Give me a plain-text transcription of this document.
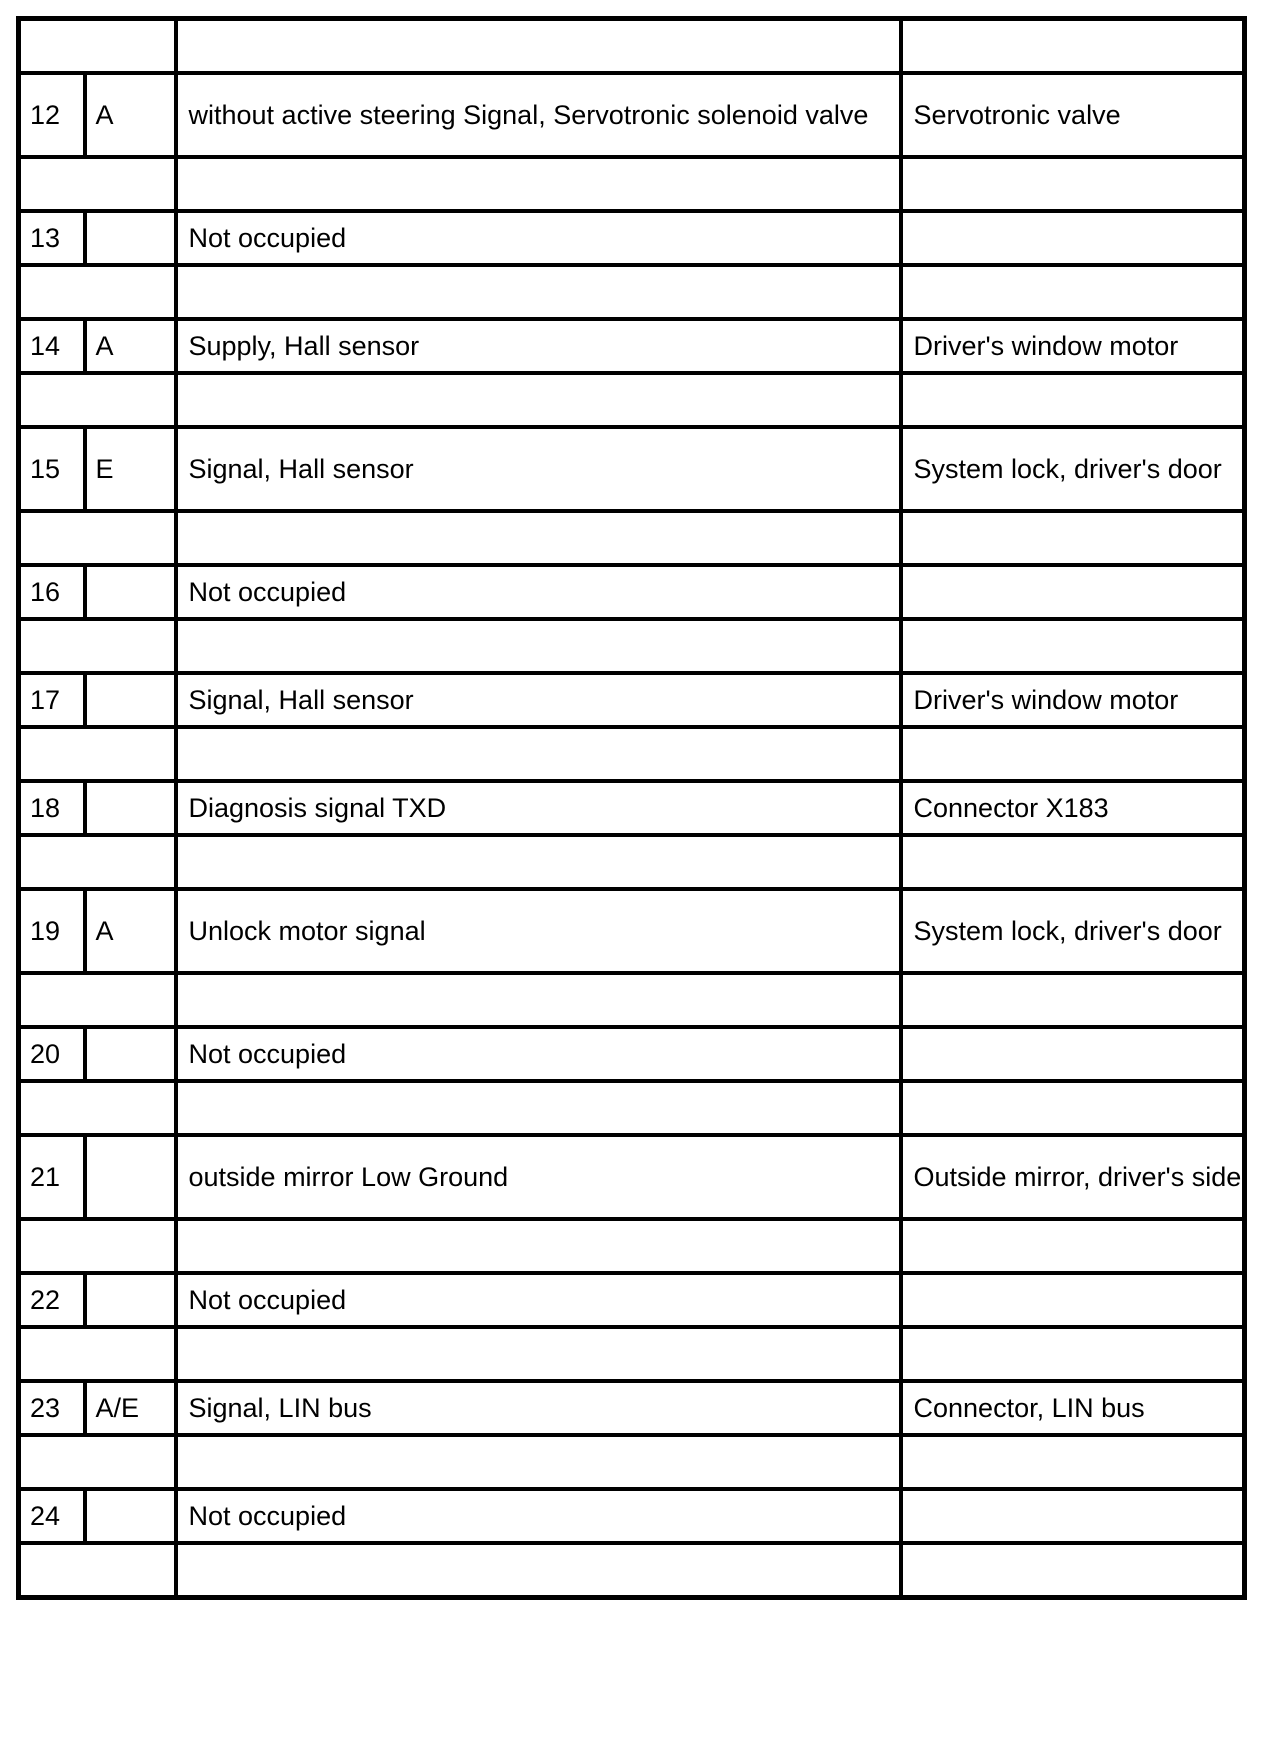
12	A	without active steering Signal, Servotronic solenoid valve	Servotronic valve

13		Not occupied	

14	A	Supply, Hall sensor	Driver's window motor

15	E	Signal, Hall sensor	System lock, driver's door

16		Not occupied	

17		Signal, Hall sensor	Driver's window motor

18		Diagnosis signal TXD	Connector X183

19	A	Unlock motor signal	System lock, driver's door

20		Not occupied	

21		outside mirror Low Ground	Outside mirror, driver's side

22		Not occupied	

23	A/E	Signal, LIN bus	Connector, LIN bus

24		Not occupied	
